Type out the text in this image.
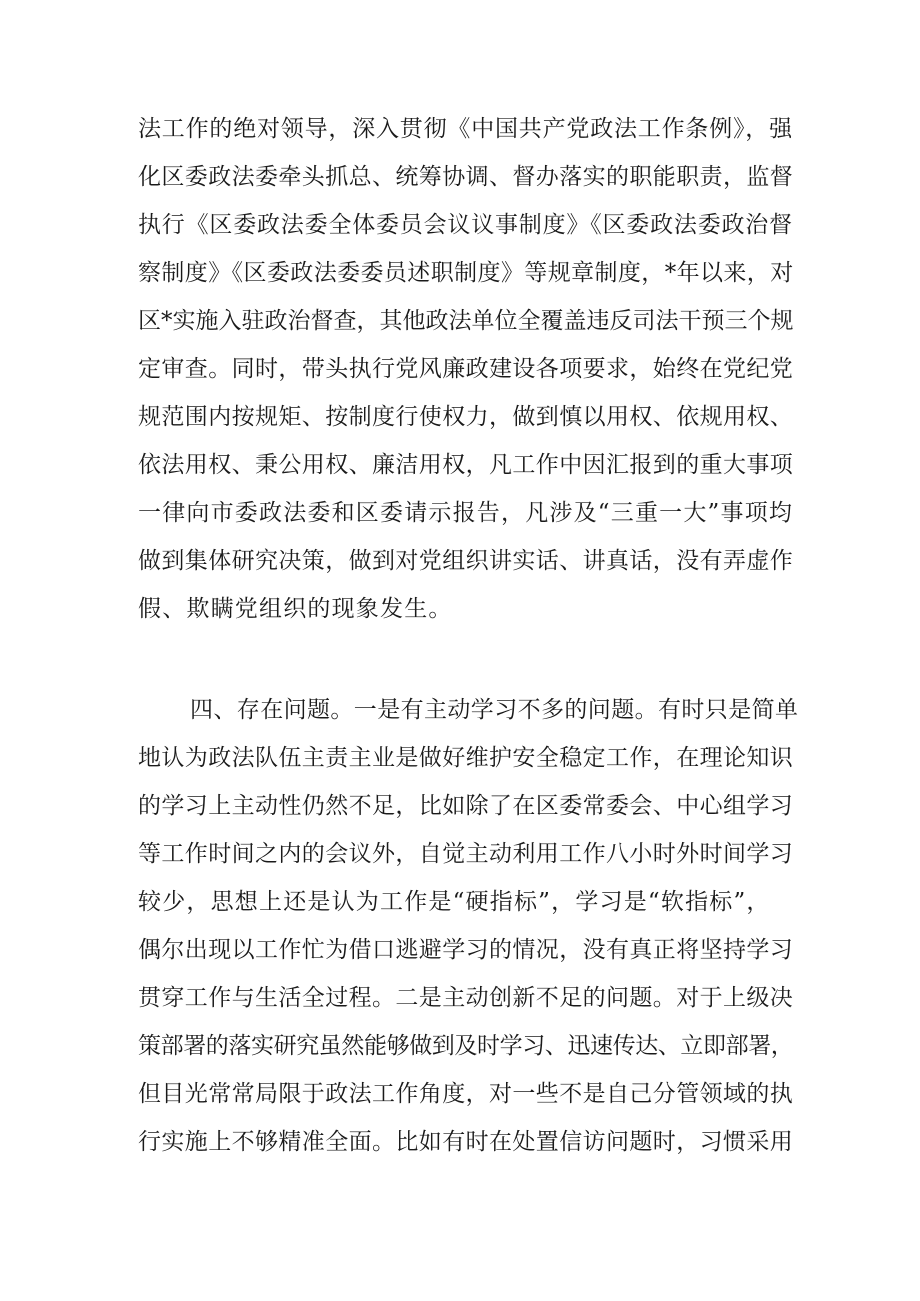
法工作的绝对领导，深入贯彻《中国共产党政法工作条例》，强
化区委政法委牵头抓总、统筹协调、督办落实的职能职责，监督
执行《区委政法委全体委员会议议事制度》《区委政法委政治督
察制度》《区委政法委委员述职制度》等规章制度，*年以来，对
区*实施入驻政治督查，其他政法单位全覆盖违反司法干预三个规
定审查。同时，带头执行党风廉政建设各项要求，始终在党纪党
规范围内按规矩、按制度行使权力，做到慎以用权、依规用权、
依法用权、秉公用权、廉洁用权，凡工作中因汇报到的重大事项
一律向市委政法委和区委请示报告，凡涉及“三重一大”事项均
做到集体研究决策，做到对党组织讲实话、讲真话，没有弄虚作
假、欺瞒党组织的现象发生。
四、存在问题。一是有主动学习不多的问题。有时只是简单
地认为政法队伍主责主业是做好维护安全稳定工作，在理论知识
的学习上主动性仍然不足，比如除了在区委常委会、中心组学习
等工作时间之内的会议外，自觉主动利用工作八小时外时间学习
较少，思想上还是认为工作是“硬指标”，学习是“软指标”，
偶尔出现以工作忙为借口逃避学习的情况，没有真正将坚持学习
贯穿工作与生活全过程。二是主动创新不足的问题。对于上级决
策部署的落实研究虽然能够做到及时学习、迅速传达、立即部署，
但目光常常局限于政法工作角度，对一些不是自己分管领域的执
行实施上不够精准全面。比如有时在处置信访问题时，习惯采用
